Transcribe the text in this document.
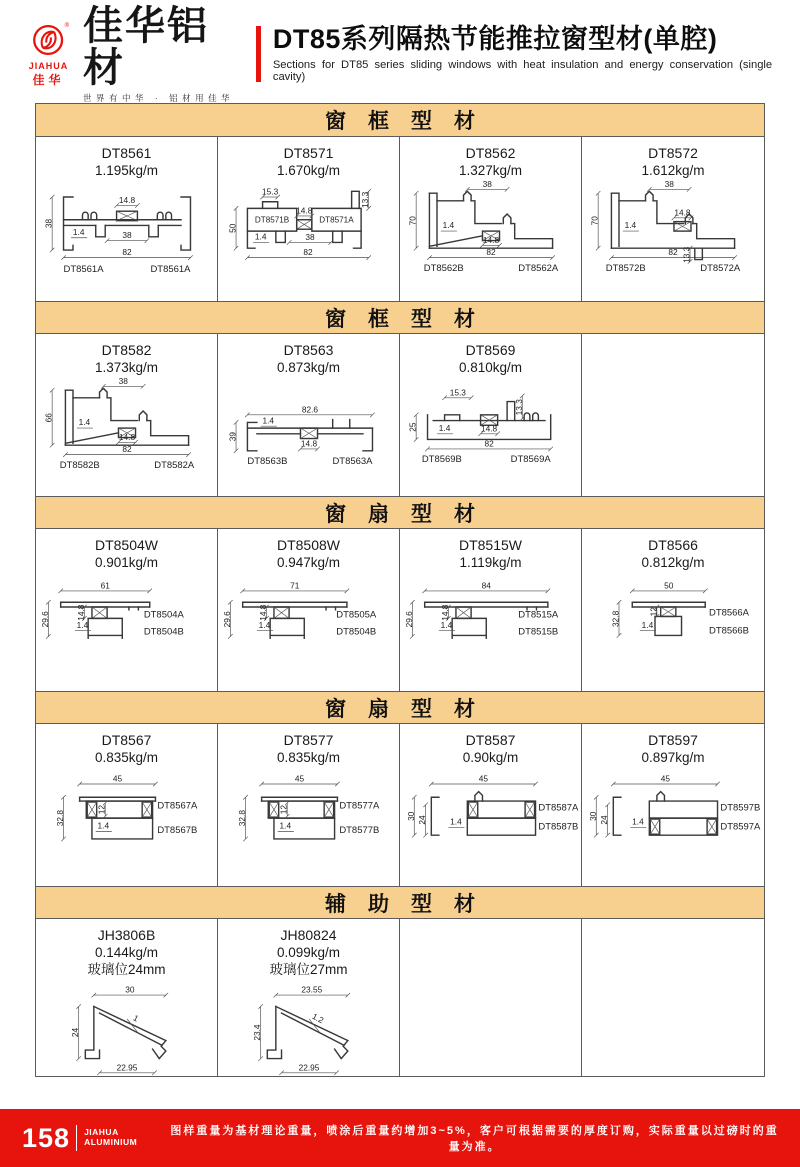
®
JIAHUA
佳华
佳华铝材
世界有中华 · 铝材用佳华
DT85系列隔热节能推拉窗型材(单腔)
Sections for DT85 series sliding windows with heat insulation and energy conservation (single cavity)
窗框型材
DT8561
1.195kg/m
14.8
38
1.4	38
82
DT8561A	DT8561A
DT8571
1.670kg/m
15.3
13.3
14.8
50
1.4	38
82
DT8571B	DT8571A
DT8562
1.327kg/m
38
70	1.4
82
DT8562B	DT8562A
14.8
DT8572
1.612kg/m
38
70	1.4
82
DT8572B	DT8572A
14.8
13.3
窗框型材
DT8582
1.373kg/m
38
66	1.4
82
DT8582B	DT8582A
14.8
DT8563
0.873kg/m
82.6
1.4
39
14.8
DT8563B	DT8563A
DT8569
0.810kg/m
15.3
13.3
25 1.4	14.8
82
DT8569B	DT8569A
窗扇型材
DT8504W
0.901kg/m
61
29.6	14.8
1.4
DT8504A
DT8504B
DT8508W
0.947kg/m
71
29.6	14.8
1.4
DT8505A
DT8504B
DT8515W
1.119kg/m
84
29.6	14.8
1.4
DT8515A
DT8515B
DT8566
0.812kg/m
50
32.8	12
1.4
DT8566A
DT8566B
窗扇型材
DT8567
0.835kg/m
12
45
32.8	1.4
DT8567A
DT8567B
DT8577
0.835kg/m
12
45
32.8	1.4
DT8577A
DT8577B
DT8587
0.90kg/m
45
30 24	1.4
DT8587A
DT8587B
DT8597
0.897kg/m
45
30 24	1.4
DT8597B
DT8597A
辅助型材
JH3806B
0.144kg/m
玻璃位24mm
1
30
24
22.95
JH80824
0.099kg/m
玻璃位27mm
1.2
23.55
23.4
22.95
158 JIAHUA
ALUMINIUM
图样重量为基材理论重量，喷涂后重量约增加3~5%，客户可根据需要的厚度订购，实际重量以过磅时的重量为准。
